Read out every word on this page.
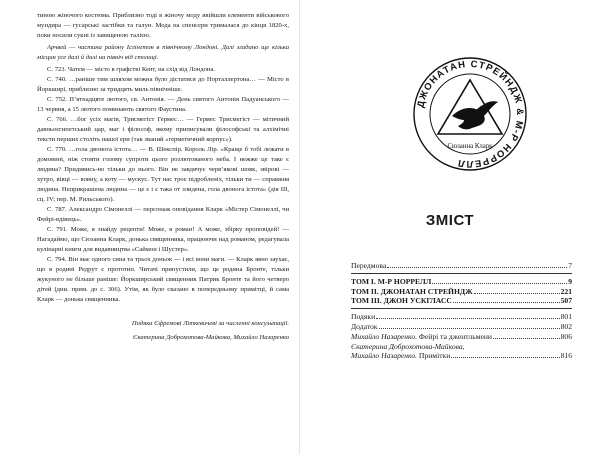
тиною жіночого костюма. Приблизно тоді в жіночу моду ввійшли елементи військового мундира — гусарські застібки та галун. Мода на спенсери трималася до кінця 1820-х, поки носили сукні із завищеною талією.

Арчвей — частина району Іслінгтон в північному Лондоні. Далі згадано ще кілька місцин усе далі й далі на північ від столиці.

С. 723. Чатем — місто в графстві Кент, на схід від Лондона.

С. 740. …раніше тим шляхом можна було дістатися до Норталлертона… — Місто в Йоркширі, приблизно за тридцять миль північніше.

С. 752. П’ятнадцяте лютого, св. Антонія. — День святого Антонія Падуанського — 13 червня, а 15 лютого поминають святого Фаустина.

С. 766. …бог усіх магів, Трисмегіст Гермес… — Гермес Трисмегіст — мітичний давньоєгипетський цар, маг і філософ, якому приписували філософські та алхімічні тексти перших століть нашої ери (так званий «герметичний корпус»).

С. 770. …гола двонога істота… — В. Шекспір. Король Лір. «Краще б тобі лежати в домовині, ніж стояти голому супроти цього розлютованого неба. І нежже це таке є людина? Придивись-но тільки до нього. Він не завдячує черв’якові шовк, звірові — хутро, вівці — вовну, а коту — мускус. Тут нас троє підробленіх, тільки ти — справжня людина. Неприкрашена людина — це є і є така от злидена, гола двонога істота» (дія III, сц. IV; пер. М. Рильського).

С. 787. Александро Сімонеллі — персонаж оповідання Кларк «Містер Сімонеллі, чи Фейрі-вдівець».

С. 791. Може, я знайду рецепти! Може, я роман! А може, збірку проповідей! — Нагадаймо, що Сюзанна Кларк, донька священника, працюючи над романом, редагувала кулінарні книги для видавництва «Саймон і Шустер».

С. 794. Він має одного сина та трьох доньок — і всі вони маги. — Кларк явно заухає, що в родині Редрут є прототип. Читачі припустили, що це родина Бронте, тільки жукуного не більше раніше: Йоркширський священник Патрик Бронте та його четверо дітей (дни. прим. до с. 306). Утім, як було сказано в попередньому примітці, й сама Кларк — донька священника.

Подяка Єфремові Літкевичеві за численні консультації.

Єкатерина Доброхотова-Майкова, Михайло Назаренко

ДЖОНАТАН СТРЕЙНДЖ & М-Р НОРРЕЛЛ
Сюзанна Кларк
ЗМІСТ
Передмова	7
ТОМ І. М-Р НОРРЕЛЛ	9
ТОМ ІІ. ДЖОНАТАН СТРЕЙНДЖ	221
ТОМ ІІІ. ДЖОН УСКГЛАСС	507
Подяки	801
Додаток	802
Михайло Назаренко. Фейрі та джентльмени	806
Єкатерина Доброхотова-Майкова,
Михайло Назаренко. Примітки	816
